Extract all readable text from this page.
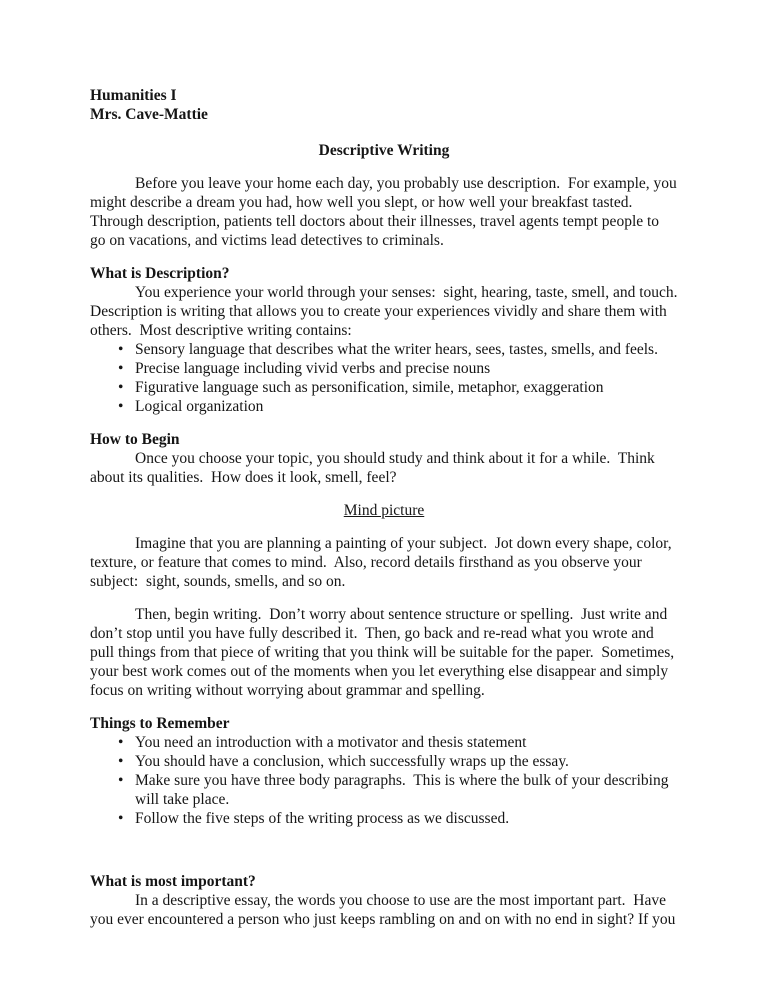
Humanities I
Mrs. Cave-Mattie
Descriptive Writing

Before you leave your home each day, you probably use description.  For example, you might describe a dream you had, how well you slept, or how well your breakfast tasted.  Through description, patients tell doctors about their illnesses, travel agents tempt people to go on vacations, and victims lead detectives to criminals.

What is Description?

You experience your world through your senses:  sight, hearing, taste, smell, and touch.  Description is writing that allows you to create your experiences vividly and share them with others.  Most descriptive writing contains:

• Sensory language that describes what the writer hears, sees, tastes, smells, and feels.
• Precise language including vivid verbs and precise nouns
• Figurative language such as personification, simile, metaphor, exaggeration
• Logical organization
How to Begin

Once you choose your topic, you should study and think about it for a while.  Think about its qualities.  How does it look, smell, feel?

Mind picture

Imagine that you are planning a painting of your subject.  Jot down every shape, color, texture, or feature that comes to mind.  Also, record details firsthand as you observe your subject:  sight, sounds, smells, and so on.

Then, begin writing.  Don’t worry about sentence structure or spelling.  Just write and don’t stop until you have fully described it.  Then, go back and re-read what you wrote and pull things from that piece of writing that you think will be suitable for the paper.  Sometimes, your best work comes out of the moments when you let everything else disappear and simply focus on writing without worrying about grammar and spelling.

Things to Remember
• You need an introduction with a motivator and thesis statement
• You should have a conclusion, which successfully wraps up the essay.
• Make sure you have three body paragraphs.  This is where the bulk of your describing will take place.
• Follow the five steps of the writing process as we discussed.
What is most important?

In a descriptive essay, the words you choose to use are the most important part.  Have you ever encountered a person who just keeps rambling on and on with no end in sight? If you
